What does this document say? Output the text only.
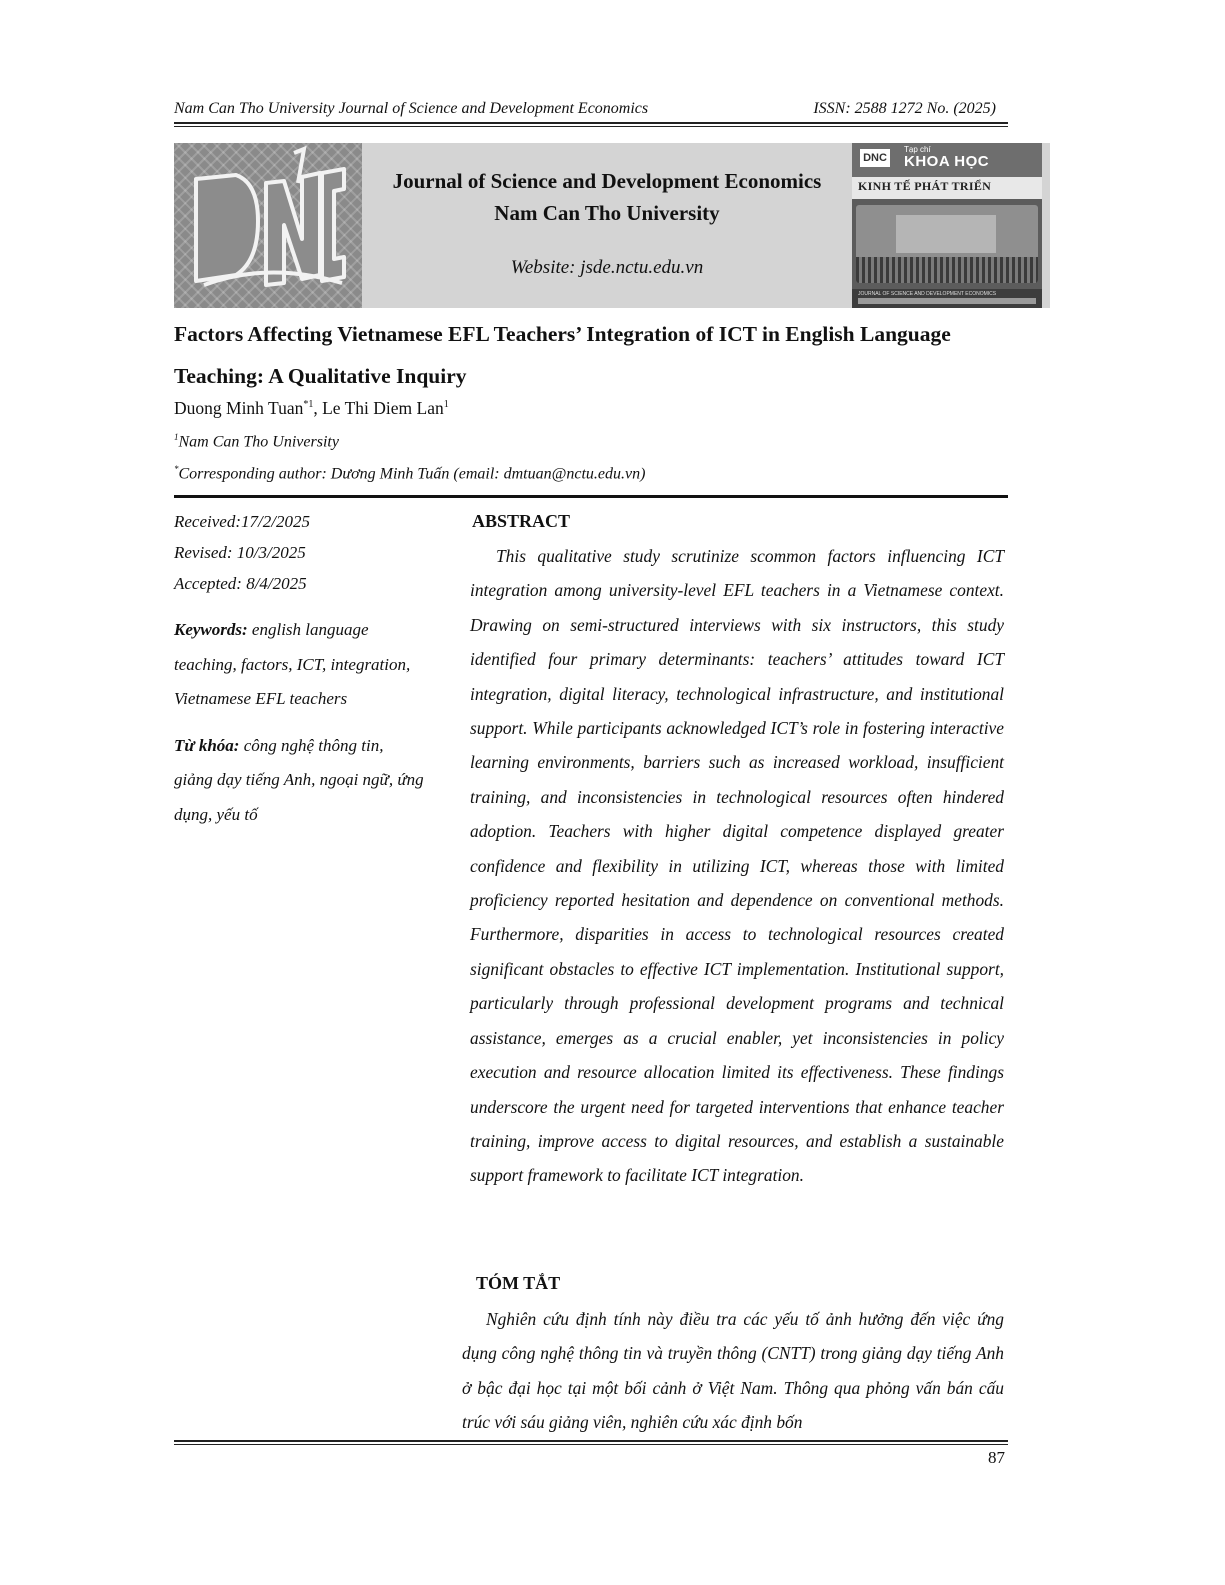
Nam Can Tho University Journal of Science and Development Economics	ISSN: 2588 1272 No. (2025)
Journal of Science and Development Economics
Nam Can Tho University
Website: jsde.nctu.edu.vn
DNC
Tạp chí
KHOA HỌC
KINH TẾ PHÁT TRIỂN
JOURNAL OF SCIENCE AND DEVELOPMENT ECONOMICS
Factors Affecting Vietnamese EFL Teachers’ Integration of ICT in English Language
Teaching: A Qualitative Inquiry
Duong Minh Tuan$^{*1}$, Le Thi Diem Lan$^1$
$^1$Nam Can Tho University
*Corresponding author: Dương Minh Tuấn (email: dmtuan@nctu.edu.vn)
Received:17/2/2025
Revised: 10/3/2025
Accepted: 8/4/2025
Keywords: english language teaching, factors, ICT, integration, Vietnamese EFL teachers
Từ khóa: công nghệ thông tin, giảng dạy tiếng Anh, ngoại ngữ, ứng dụng, yếu tố
ABSTRACT

This qualitative study scrutinize scommon factors influencing ICT integration among university-level EFL teachers in a Vietnamese context. Drawing on semi-structured interviews with six instructors, this study identified four primary determinants: teachers’ attitudes toward ICT integration, digital literacy, technological infrastructure, and institutional support. While participants acknowledged ICT’s role in fostering interactive learning environments, barriers such as increased workload, insufficient training, and inconsistencies in technological resources often hindered adoption. Teachers with higher digital competence displayed greater confidence and flexibility in utilizing ICT, whereas those with limited proficiency reported hesitation and dependence on conventional methods. Furthermore, disparities in access to technological resources created significant obstacles to effective ICT implementation. Institutional support, particularly through professional development programs and technical assistance, emerges as a crucial enabler, yet inconsistencies in policy execution and resource allocation limited its effectiveness. These findings underscore the urgent need for targeted interventions that enhance teacher training, improve access to digital resources, and establish a sustainable support framework to facilitate ICT integration.

TÓM TẮT

Nghiên cứu định tính này điều tra các yếu tố ảnh hưởng đến việc ứng dụng công nghệ thông tin và truyền thông (CNTT) trong giảng dạy tiếng Anh ở bậc đại học tại một bối cảnh ở Việt Nam. Thông qua phỏng vấn bán cấu trúc với sáu giảng viên, nghiên cứu xác định bốn

87
